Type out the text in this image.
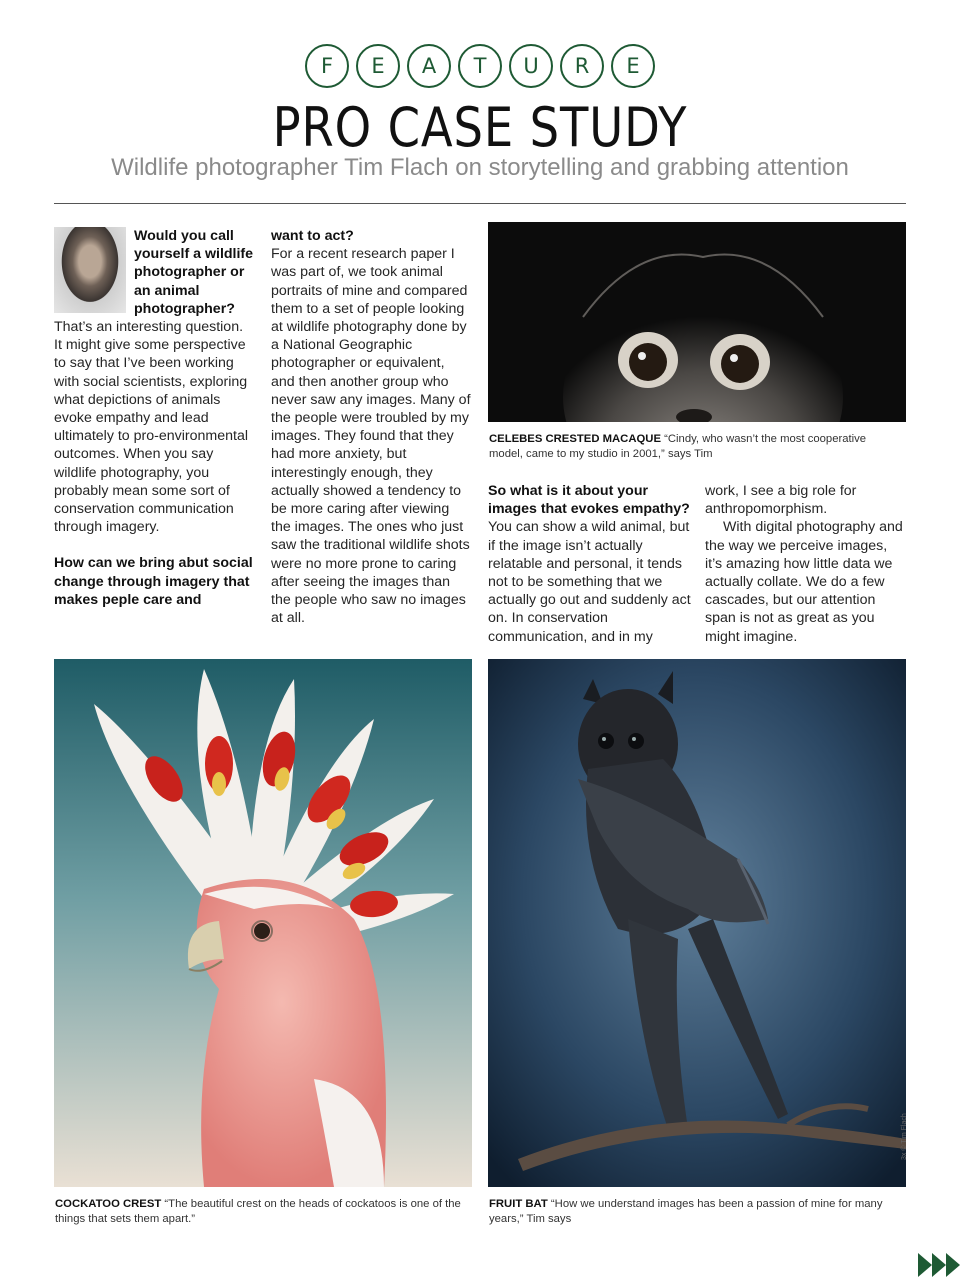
F	E	A	T	U	R	E
PRO CASE STUDY
Wildlife photographer Tim Flach on storytelling and grabbing attention

Would you call yourself a wildlife photographer or an animal photographer?

That’s an interesting question. It might give some perspective to say that I’ve been working with social scientists, exploring what depictions of animals evoke empathy and lead ultimately to pro-environmental outcomes. When you say wildlife photography, you probably mean some sort of conservation communication through imagery.

How can we bring abut social change through imagery that makes peple care and

want to act?

For a recent research paper I was part of, we took animal portraits of mine and compared them to a set of people looking at wildlife photography done by a National Geographic photographer or equivalent, and then another group who never saw any images. Many of the people were troubled by my images. They found that they had more anxiety, but interestingly enough, they actually showed a tendency to be more caring after viewing the images. The ones who just saw the traditional wildlife shots were no more prone to caring after seeing the images than the people who saw no images at all.

CELEBES CRESTED MACAQUE “Cindy, who wasn’t the most cooperative model, came to my studio in 2001,” says Tim

So what is it about your images that evokes empathy?

You can show a wild animal, but if the image isn’t actually relatable and personal, it tends not to be something that we actually go out and suddenly act on. In conservation communication, and in my

work, I see a big role for anthropomorphism.

With digital photography and the way we perceive images, it’s amazing how little data we actually collate. We do a few cascades, but our attention span is not as great as you might imagine.

COCKATOO CREST “The beautiful crest on the heads of cockatoos is one of the things that sets them apart.”
FRUIT BAT “How we understand images has been a passion of mine for many years,” Tim says
3x © Tim Flach
